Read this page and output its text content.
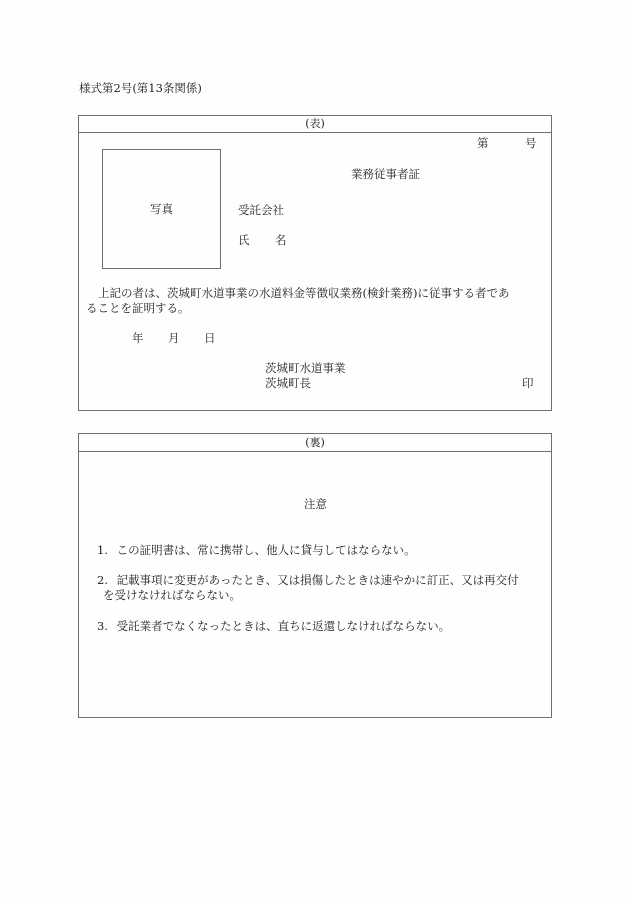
様式第2号(第13条関係)
(表)
第	号
業務従事者証
写真	受託会社
氏 名
上記の者は、茨城町水道事業の水道料金等徴収業務(検針業務)に従事する者であ
ることを証明する。
年 月 日
茨城町水道事業
茨城町長	印
(裏)
注意
1. この証明書は、常に携帯し、他人に貸与してはならない。
2. 記載事項に変更があったとき、又は損傷したときは速やかに訂正、又は再交付
を受けなければならない。
3. 受託業者でなくなったときは、直ちに返還しなければならない。
